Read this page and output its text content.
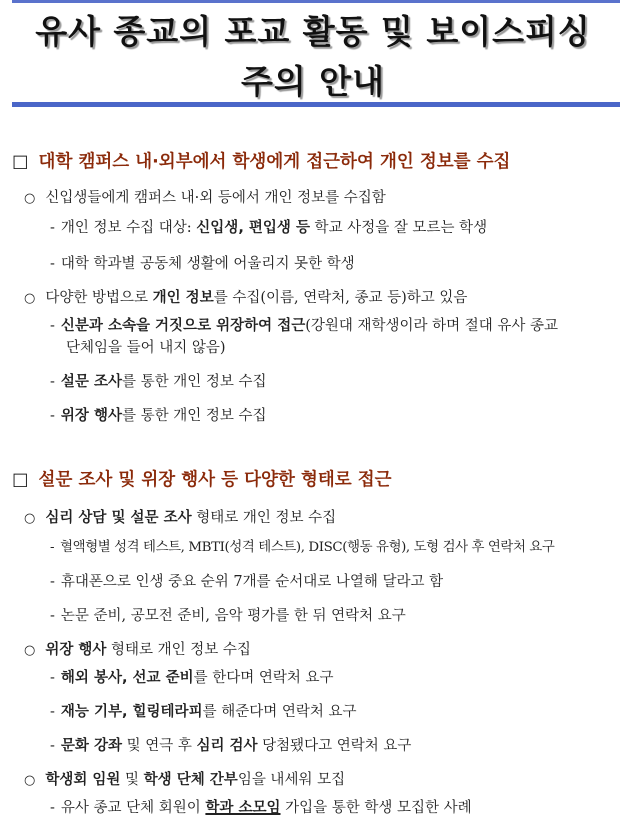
유사 종교의 포교 활동 및 보이스피싱
주의 안내
□ 대학 캠퍼스 내·외부에서 학생에게 접근하여 개인 정보를 수집
○ 신입생들에게 캠퍼스 내·외 등에서 개인 정보를 수집함
- 개인 정보 수집 대상: 신입생, 편입생 등 학교 사정을 잘 모르는 학생
- 대학 학과별 공동체 생활에 어울리지 못한 학생
○ 다양한 방법으로 개인 정보를 수집(이름, 연락처, 종교 등)하고 있음
- 신분과 소속을 거짓으로 위장하여 접근(강원대 재학생이라 하며 절대 유사 종교
단체임을 들어 내지 않음)
- 설문 조사를 통한 개인 정보 수집
- 위장 행사를 통한 개인 정보 수집
□ 설문 조사 및 위장 행사 등 다양한 형태로 접근
○ 심리 상담 및 설문 조사 형태로 개인 정보 수집
- 혈액형별 성격 테스트, MBTI(성격 테스트), DISC(행동 유형), 도형 검사 후 연락처 요구
- 휴대폰으로 인생 중요 순위 7개를 순서대로 나열해 달라고 함
- 논문 준비, 공모전 준비, 음악 평가를 한 뒤 연락처 요구
○ 위장 행사 형태로 개인 정보 수집
- 해외 봉사, 선교 준비를 한다며 연락처 요구
- 재능 기부, 힐링테라피를 해준다며 연락처 요구
- 문화 강좌 및 연극 후 심리 검사 당첨됐다고 연락처 요구
○ 학생회 임원 및 학생 단체 간부임을 내세워 모집
- 유사 종교 단체 회원이 학과 소모임 가입을 통한 학생 모집한 사례
